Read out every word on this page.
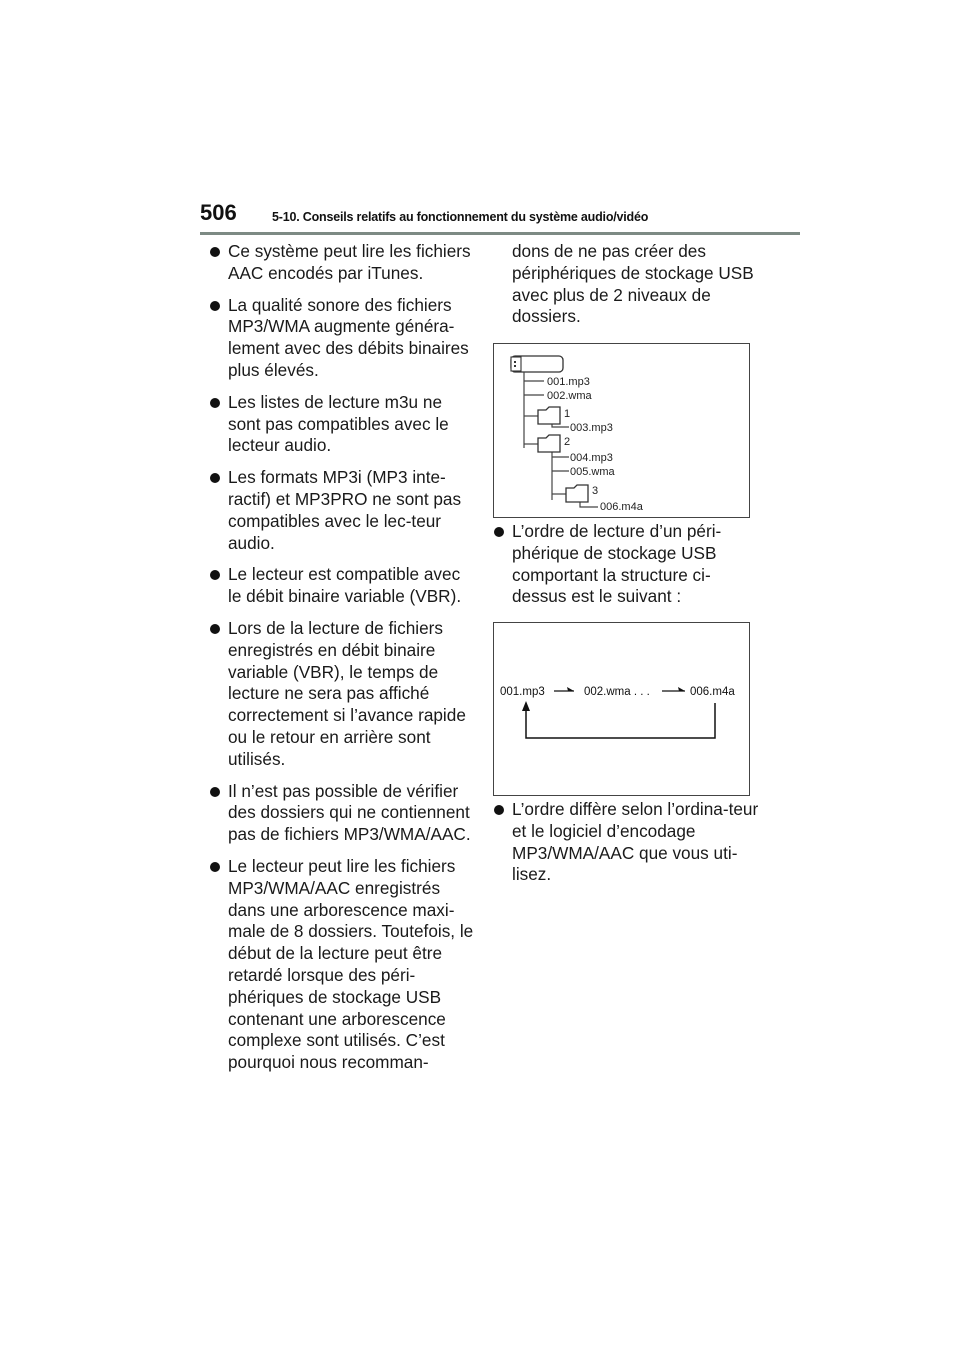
506	5-10. Conseils relatifs au fonctionnement du système audio/vidéo

Ce système peut lire les fichiers AAC encodés par iTunes.

La qualité sonore des fichiers MP3/WMA augmente généra-lement avec des débits binaires plus élevés.

Les listes de lecture m3u ne sont pas compatibles avec le lecteur audio.

Les formats MP3i (MP3 inte-ractif) et MP3PRO ne sont pas compatibles avec le lec-teur audio.

Le lecteur est compatible avec le débit binaire variable (VBR).

Lors de la lecture de fichiers enregistrés en débit binaire variable (VBR), le temps de lecture ne sera pas affiché correctement si l’avance rapide ou le retour en arrière sont utilisés.

Il n’est pas possible de vérifier des dossiers qui ne contiennent pas de fichiers MP3/WMA/AAC.

Le lecteur peut lire les fichiers MP3/WMA/AAC enregistrés dans une arborescence maxi-male de 8 dossiers. Toutefois, le début de la lecture peut être retardé lorsque des péri-phériques de stockage USB contenant une arborescence complexe sont utilisés. C’est pourquoi nous recomman-

dons de ne pas créer des périphériques de stockage USB avec plus de 2 niveaux de dossiers.

001.mp3
002.wma
1
003.mp3
2
004.mp3
005.wma
3
006.m4a

L’ordre de lecture d’un péri-phérique de stockage USB comportant la structure ci-dessus est le suivant :

001.mp3	002.wma . . .	006.m4a

L’ordre diffère selon l’ordina-teur et le logiciel d’encodage MP3/WMA/AAC que vous uti-lisez.
